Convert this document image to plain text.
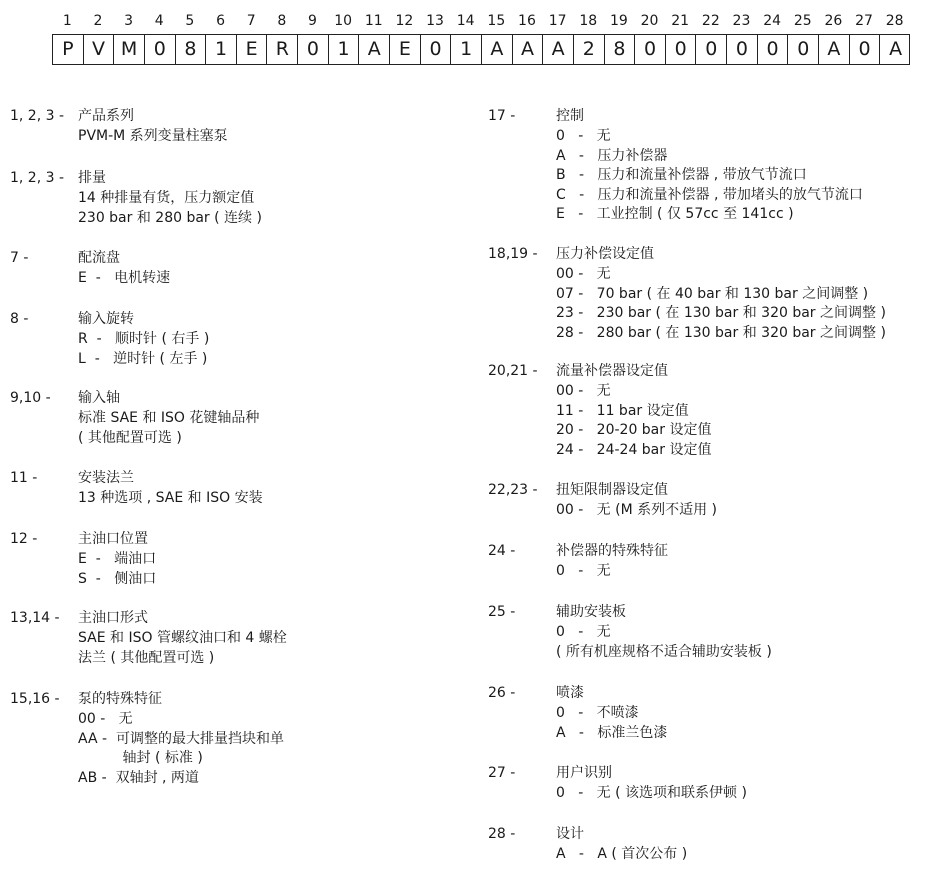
1	2	3	4	5	6	7	8	9	10 11 12 13 14 15 16 17 18 19 20 21 22 23 24 25 26 27 28
P V M 0 8 1 E R 0 1 A E 0 1 A A A 2 8 0 0 0 0 0 0 A 0 A
1, 2, 3 - 产品系列
PVM-M 系列变量柱塞泵
1, 2, 3 - 排量
14 种排量有货，压力额定值
230 bar 和 280 bar ( 连续 )
7 -	配流盘
E  -   电机转速
8 -	输入旋转
R  -   顺时针 ( 右手 )
L  -   逆时针 ( 左手 )
9,10 - 输入轴
标准 SAE 和 ISO 花键轴品种
( 其他配置可选 )
11 -	安装法兰
13 种选项 , SAE 和 ISO 安装
12 -	主油口位置
E  -   端油口
S  -   侧油口
13,14 - 主油口形式
SAE 和 ISO 管螺纹油口和 4 螺栓
法兰 ( 其他配置可选 )
15,16 - 泵的特殊特征
00 -   无
AA -  可调整的最大排量挡块和单
轴封 ( 标准 )
AB -  双轴封 , 两道
17 -	控制
0   -   无
A   -   压力补偿器
B   -   压力和流量补偿器 , 带放气节流口
C   -   压力和流量补偿器 , 带加堵头的放气节流口
E   -   工业控制 ( 仅 57cc 至 141cc )
18,19 - 压力补偿设定值
00 -   无
07 -   70 bar ( 在 40 bar 和 130 bar 之间调整 )
23 -   230 bar ( 在 130 bar 和 320 bar 之间调整 )
28 -   280 bar ( 在 130 bar 和 320 bar 之间调整 )
20,21 - 流量补偿器设定值
00 -   无
11 -   11 bar 设定值
20 -   20-20 bar 设定值
24 -   24-24 bar 设定值
22,23 - 扭矩限制器设定值
00 -   无 (M 系列不适用 )
24 -	补偿器的特殊特征
0   -   无
25 -	辅助安装板
0   -   无
( 所有机座规格不适合辅助安装板 )
26 -	喷漆
0   -   不喷漆
A   -   标准兰色漆
27 -	用户识别
0   -   无 ( 该选项和联系伊顿 )
28 -	设计
A   -   A ( 首次公布 )
